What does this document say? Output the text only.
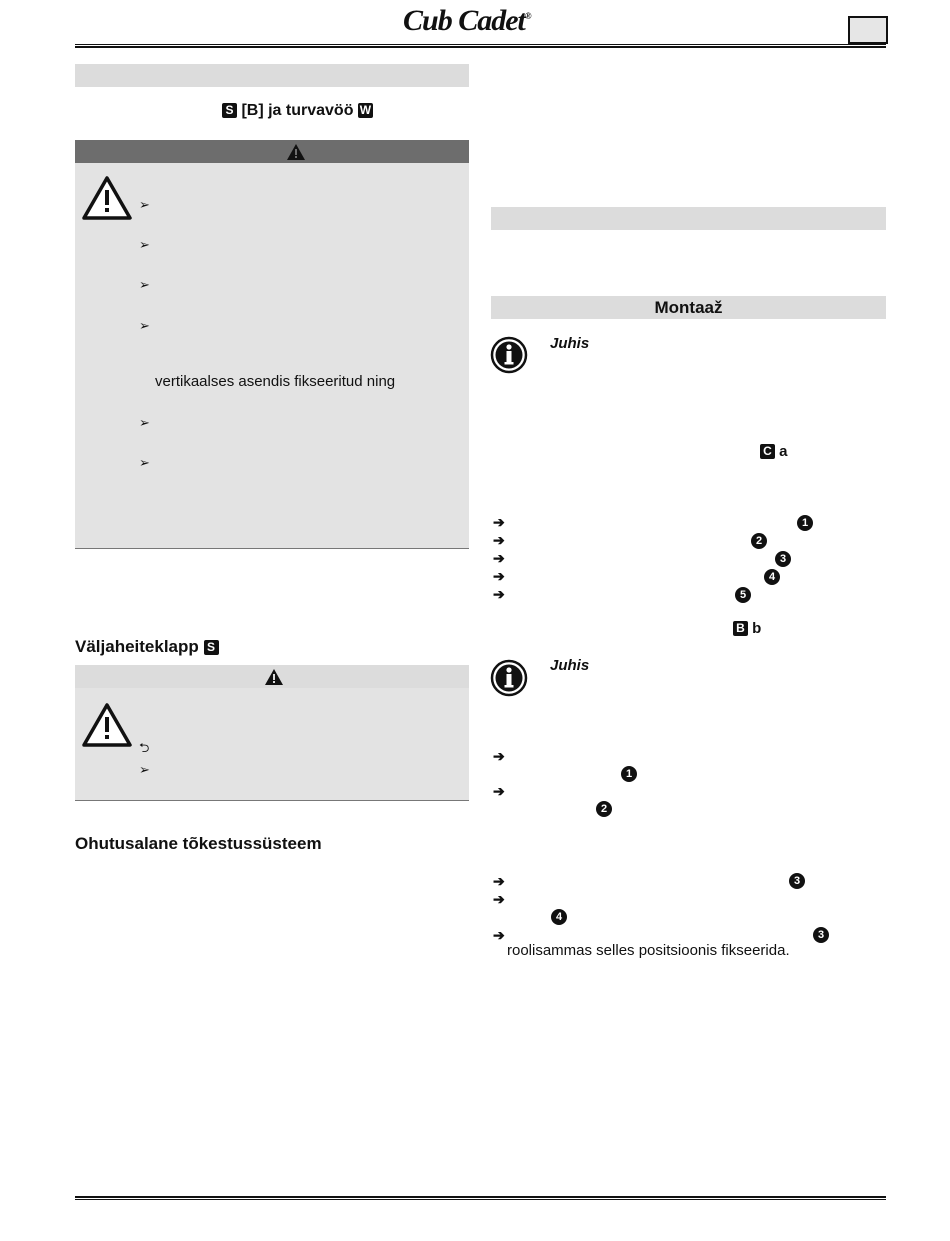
Cub Cadet®
S [B] ja turvavöö W
➢
➢
➢
➢
vertikaalses asendis fikseeritud ning
➢
➢
Väljaheiteklapp S
⮌
➢
Ohutusalane tõkestussüsteem
Montaaž
Juhis
C a
➔	1
➔	2
➔	3
➔	4
➔	5
B b
Juhis
➔
1
➔
2
➔	3
➔
4
➔	3
roolisammas selles positsioonis fikseerida.
